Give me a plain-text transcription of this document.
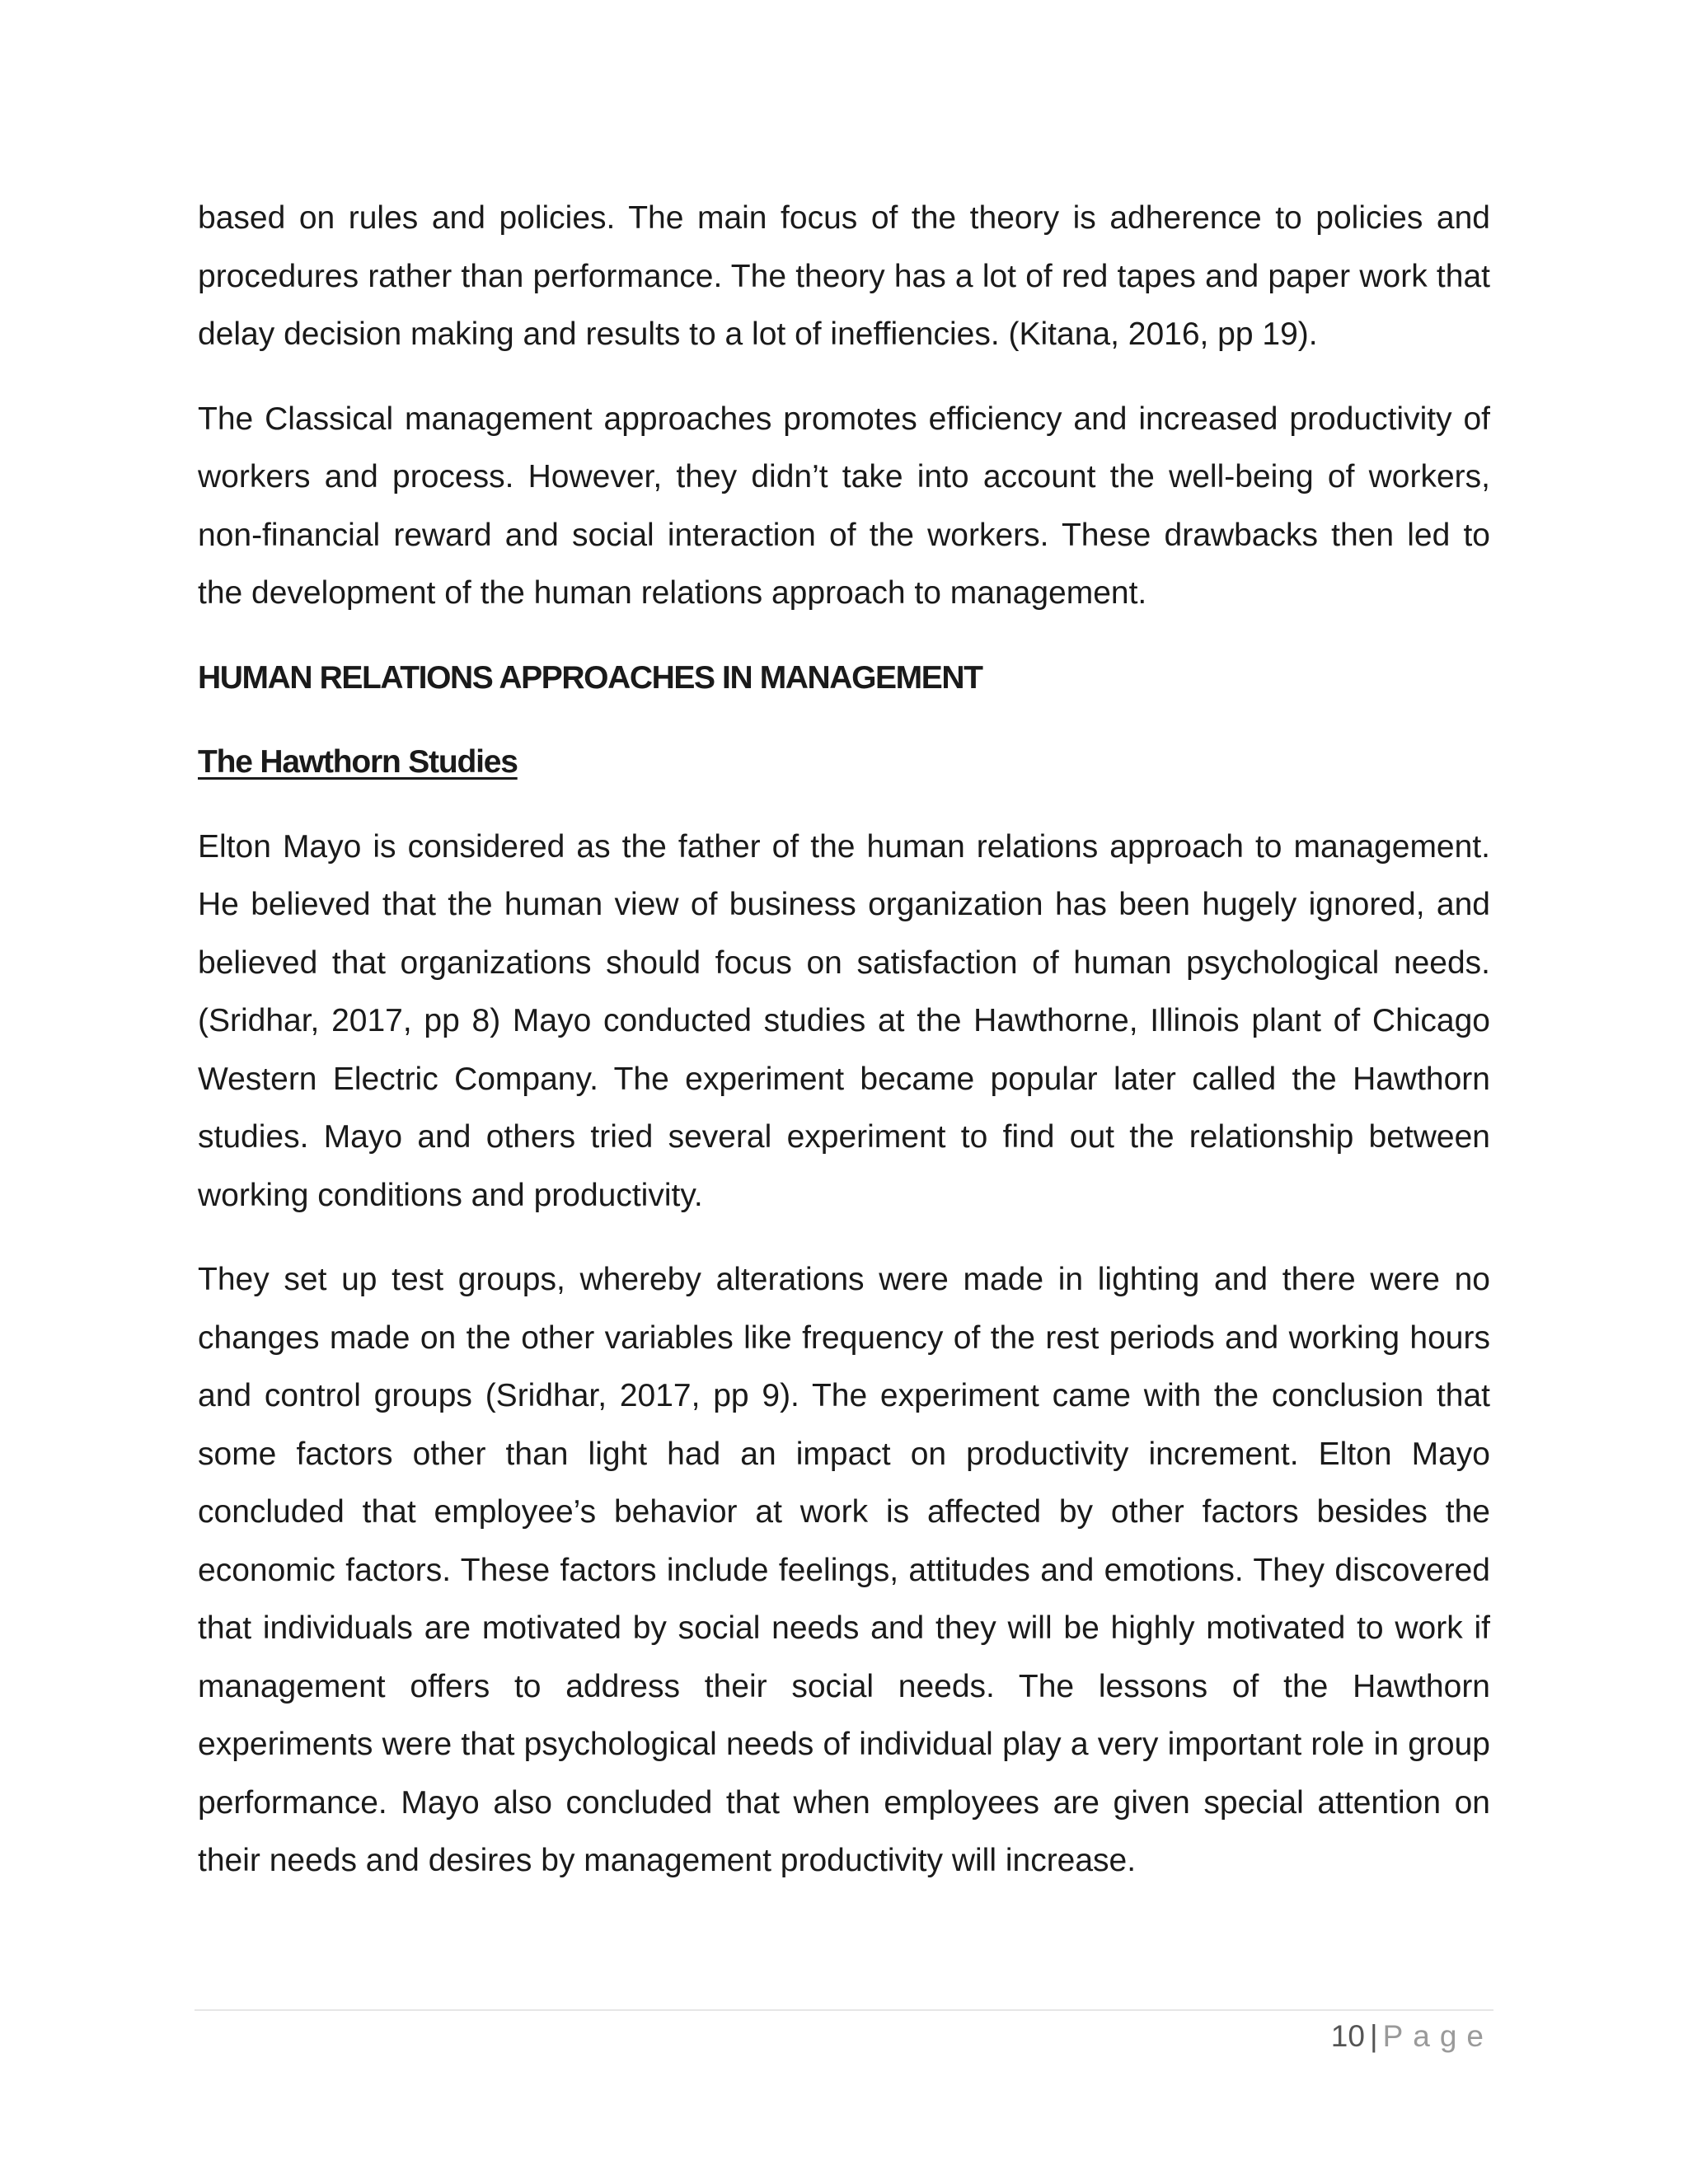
based on rules and policies. The main focus of the theory is adherence to policies and procedures rather than performance. The theory has a lot of red tapes and paper work that delay decision making and results to a lot of ineffiencies. (Kitana, 2016, pp 19).

The Classical management approaches promotes efficiency and increased productivity of workers and process. However, they didn’t take into account the well-being of workers, non-financial reward and social interaction of the workers. These drawbacks then led to the development of the human relations approach to management.

HUMAN RELATIONS APPROACHES IN MANAGEMENT

The Hawthorn Studies

Elton Mayo is considered as the father of the human relations approach to management. He believed that the human view of business organization has been hugely ignored, and believed that organizations should focus on satisfaction of human psychological needs. (Sridhar, 2017, pp 8) Mayo conducted studies at the Hawthorne, Illinois plant of Chicago Western Electric Company. The experiment became popular later called the Hawthorn studies. Mayo and others tried several experiment to find out the relationship between working conditions and productivity.

They set up test groups, whereby alterations were made in lighting and there were no changes made on the other variables like frequency of the rest periods and working hours and control groups (Sridhar, 2017, pp 9). The experiment came with the conclusion that some factors other than light had an impact on productivity increment. Elton Mayo concluded that employee’s behavior at work is affected by other factors besides the economic factors. These factors include feelings, attitudes and emotions. They discovered that individuals are motivated by social needs and they will be highly motivated to work if management offers to address their social needs. The lessons of the Hawthorn experiments were that psychological needs of individual play a very important role in group performance. Mayo also concluded that when employees are given special attention on their needs and desires by management productivity will increase.

10 | Page
